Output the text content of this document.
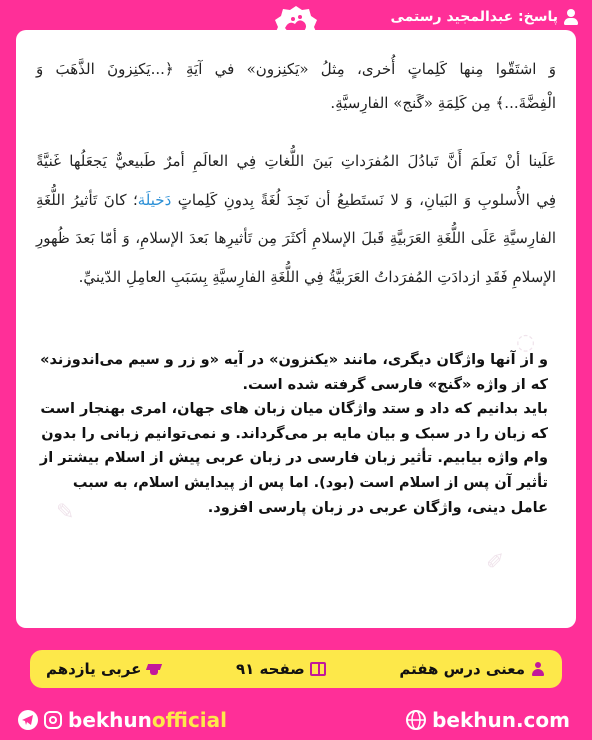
پاسخ: عبدالمجید رستمی
✎
✐
◌
وَ اشتَقّوا مِنها كَلِماتٍ أُخرى، مِثلُ «يَكنِزون» في آيَةِ ﴿...يَكنِزونَ الذَّهَبَ وَ
الْفِضَّةَ...﴾ مِن كَلِمَةِ «گَنج» الفارِسيَّةِ.
عَلَينا أنْ نَعلَمَ أَنَّ تَبادُلَ المُفرَداتِ بَينَ اللُّغاتِ فِي العالَمِ أمرٌ طَبيعيٌّ يَجعَلُها غَنيَّةً
فِي الأُسلوبِ وَ البَيانِ، وَ لا نَستَطيعُ أن نَجِدَ لُغَةً بِدونِ كَلِماتٍ دَخيلَة؛ كانَ تَأثيرُ اللُّغَةِ
الفارِسيَّةِ عَلَى اللُّغَةِ العَرَبيَّةِ قَبلَ الإسلامِ أكثَرَ مِن تَأثيرِها بَعدَ الإسلامِ، وَ أمّا بَعدَ ظُهورِ
الإسلامِ فَقَدِ ازدادَتِ المُفرَداتُ العَرَبيَّةُ فِي اللُّغَةِ الفارِسيَّةِ بِسَبَبِ العامِلِ الدّينيِّ.
و از آنها واژگان دیگری، مانند «يكنزون» در آيه «و زر و سیم می‌اندوزند»
که از واژه «گنج» فارسی گرفته شده است.
باید بدانیم که داد و ستد واژگان میان زبان های جهان، امری بهنجار است
که زبان را در سبک و بیان مایه بر می‌گرداند. و نمی‌توانیم زبانی را بدون
وام واژه بیابیم. تأثیر زبان فارسی در زبان عربی پیش از اسلام بیشتر از
تأثیر آن پس از اسلام است (بود). اما پس از پیدایش اسلام، به سبب
عامل دینی، واژگان عربی در زبان پارسی افزود.
معنی درس هفتم
صفحه ۹۱
عربی یازدهم
bekhunofficial	bekhun.com
